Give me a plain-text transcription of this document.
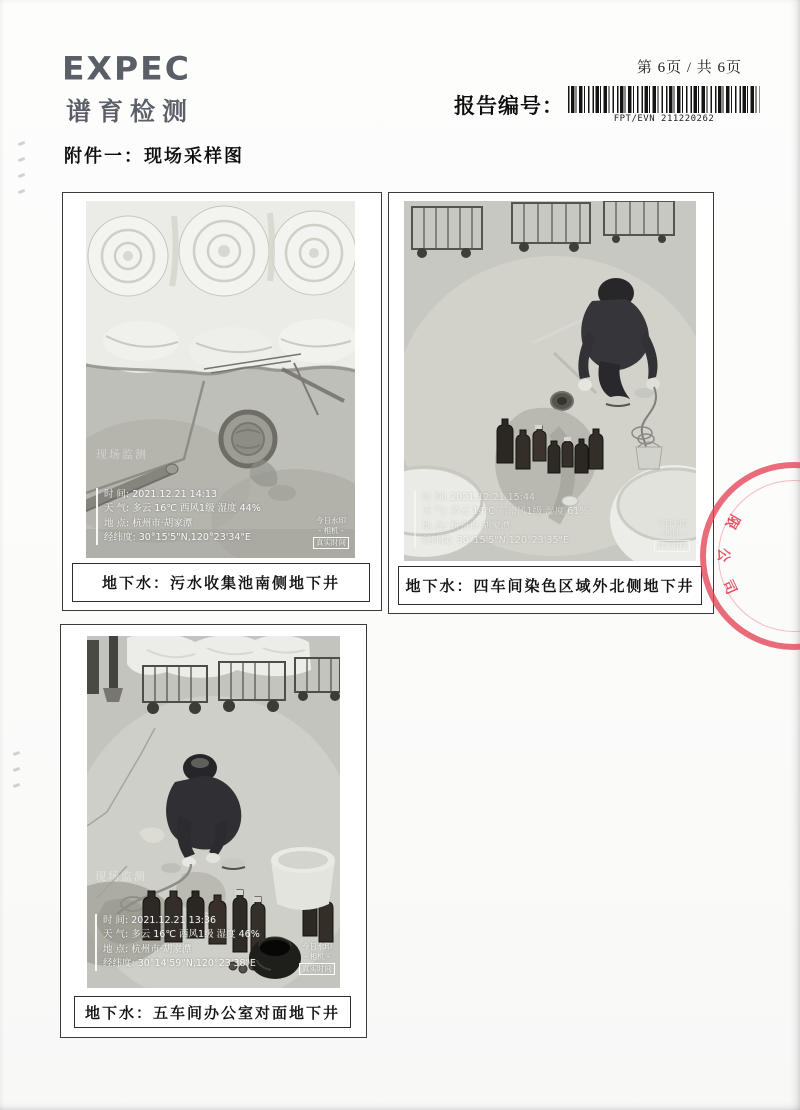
EXPEC
谱育检测
第 6页 / 共 6页
报告编号：
FPT/EVN 211220262
附件一：现场采样图
现场监测
时 间: 2021.12.21 14:13
天 气: 多云 16℃ 西风1级 湿度 44%
地 点: 杭州市·胡家潭
经纬度: 30°15'5"N,120°23'34"E
今日水印
- 相机 -
真实时间
地下水：污水收集池南侧地下井
时 间: 2021.12.21 15:44
天 气: 多云 14℃ 东南风1级 湿度 61%
地 点: 杭州市·胡家潭
经纬度: 30°15'5"N,120°23'35"E
今日水印
- 相机 -
真实时间
地下水：四车间染色区域外北侧地下井
现场监测
时 间: 2021.12.21 13:36
天 气: 多云 16℃ 西风1级 湿度 46%
地 点: 杭州市·胡家潭
经纬度: 30°14'59"N,120°23'38"E
今日水印
- 相机 -
真实时间
地下水：五车间办公室对面地下井
限
公
司
